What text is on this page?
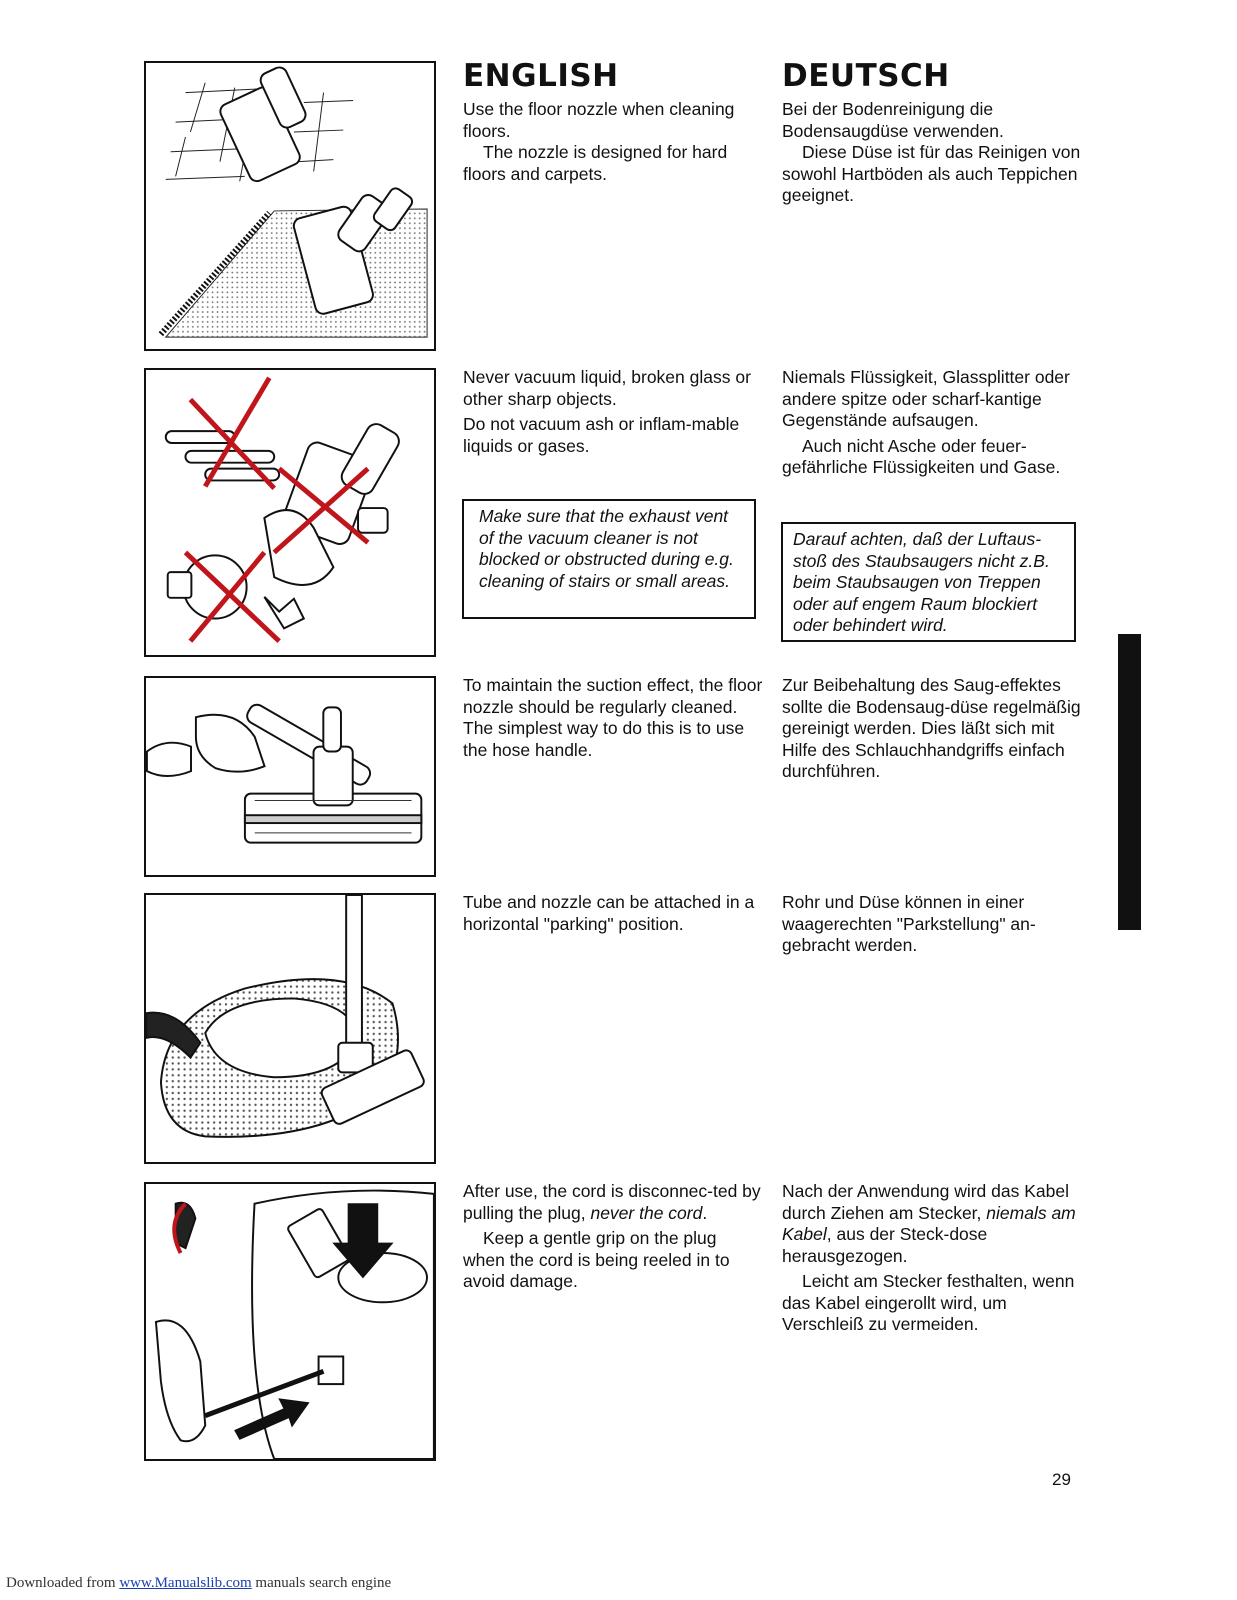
ENGLISH	DEUTSCH

Use the floor nozzle when cleaning floors.

The nozzle is designed for hard floors and carpets.

Bei der Bodenreinigung die Bodensaugdüse verwenden.

Diese Düse ist für das Reinigen von sowohl Hartböden als auch Teppichen geeignet.

Never vacuum liquid, broken glass or other sharp objects.

Do not vacuum ash or inflam-mable liquids or gases.

Niemals Flüssigkeit, Glassplitter oder andere spitze oder scharf-kantige Gegenstände aufsaugen.

Auch nicht Asche oder feuer-gefährliche Flüssigkeiten und Gase.

Make sure that the exhaust vent of the vacuum cleaner is not blocked or obstructed during e.g. cleaning of stairs or small areas.
Darauf achten, daß der Luftaus-stoß des Staubsaugers nicht z.B. beim Staubsaugen von Treppen oder auf engem Raum blockiert oder behindert wird.

To maintain the suction effect, the floor nozzle should be regularly cleaned. The simplest way to do this is to use the hose handle.

Zur Beibehaltung des Saug-effektes sollte die Bodensaug-düse regelmäßig gereinigt werden. Dies läßt sich mit Hilfe des Schlauchhandgriffs einfach durchführen.

Tube and nozzle can be attached in a horizontal "parking" position.

Rohr und Düse können in einer waagerechten "Parkstellung" an-gebracht werden.

After use, the cord is disconnec-ted by pulling the plug, never the cord.

Keep a gentle grip on the plug when the cord is being reeled in to avoid damage.

Nach der Anwendung wird das Kabel durch Ziehen am Stecker, niemals am Kabel, aus der Steck-dose herausgezogen.

Leicht am Stecker festhalten, wenn das Kabel eingerollt wird, um Verschleiß zu vermeiden.

29
Downloaded from www.Manualslib.com manuals search engine
